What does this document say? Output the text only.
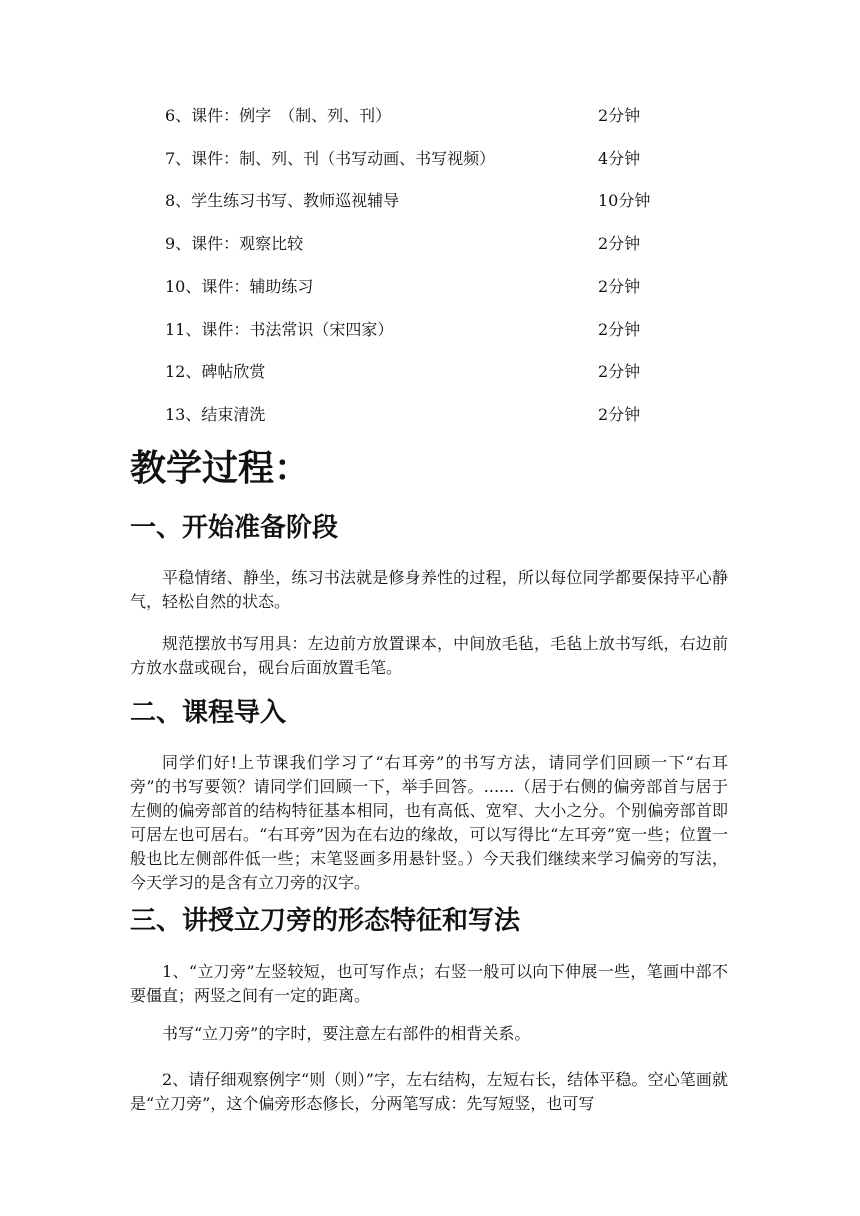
6、课件：例字　（制、列、刊）	2分钟
7、课件：制、列、刊（书写动画、书写视频）	4分钟
8、学生练习书写、教师巡视辅导	10分钟
9、课件：观察比较	2分钟
10、课件：辅助练习	2分钟
11、课件：书法常识（宋四家）	2分钟
12、碑帖欣赏	2分钟
13、结束清洗	2分钟
教学过程：
一、开始准备阶段

平稳情绪、静坐，练习书法就是修身养性的过程，所以每位同学都要保持平心静气，轻松自然的状态。

规范摆放书写用具：左边前方放置课本，中间放毛毡，毛毡上放书写纸，右边前方放水盘或砚台，砚台后面放置毛笔。

二、课程导入

同学们好!上节课我们学习了“右耳旁”的书写方法，请同学们回顾一下“右耳旁”的书写要领？请同学们回顾一下，举手回答。......（居于右侧的偏旁部首与居于左侧的偏旁部首的结构特征基本相同，也有高低、宽窄、大小之分。个别偏旁部首即可居左也可居右。“右耳旁”因为在右边的缘故，可以写得比“左耳旁”宽一些；位置一般也比左侧部件低一些；末笔竖画多用悬针竖。）今天我们继续来学习偏旁的写法，今天学习的是含有立刀旁的汉字。

三、讲授立刀旁的形态特征和写法

1、“立刀旁”左竖较短，也可写作点；右竖一般可以向下伸展一些，笔画中部不要僵直；两竖之间有一定的距离。

书写“立刀旁”的字时，要注意左右部件的相背关系。

2、请仔细观察例字“则（则）”字，左右结构，左短右长，结体平稳。空心笔画就是“立刀旁”，这个偏旁形态修长，分两笔写成：先写短竖，也可写
